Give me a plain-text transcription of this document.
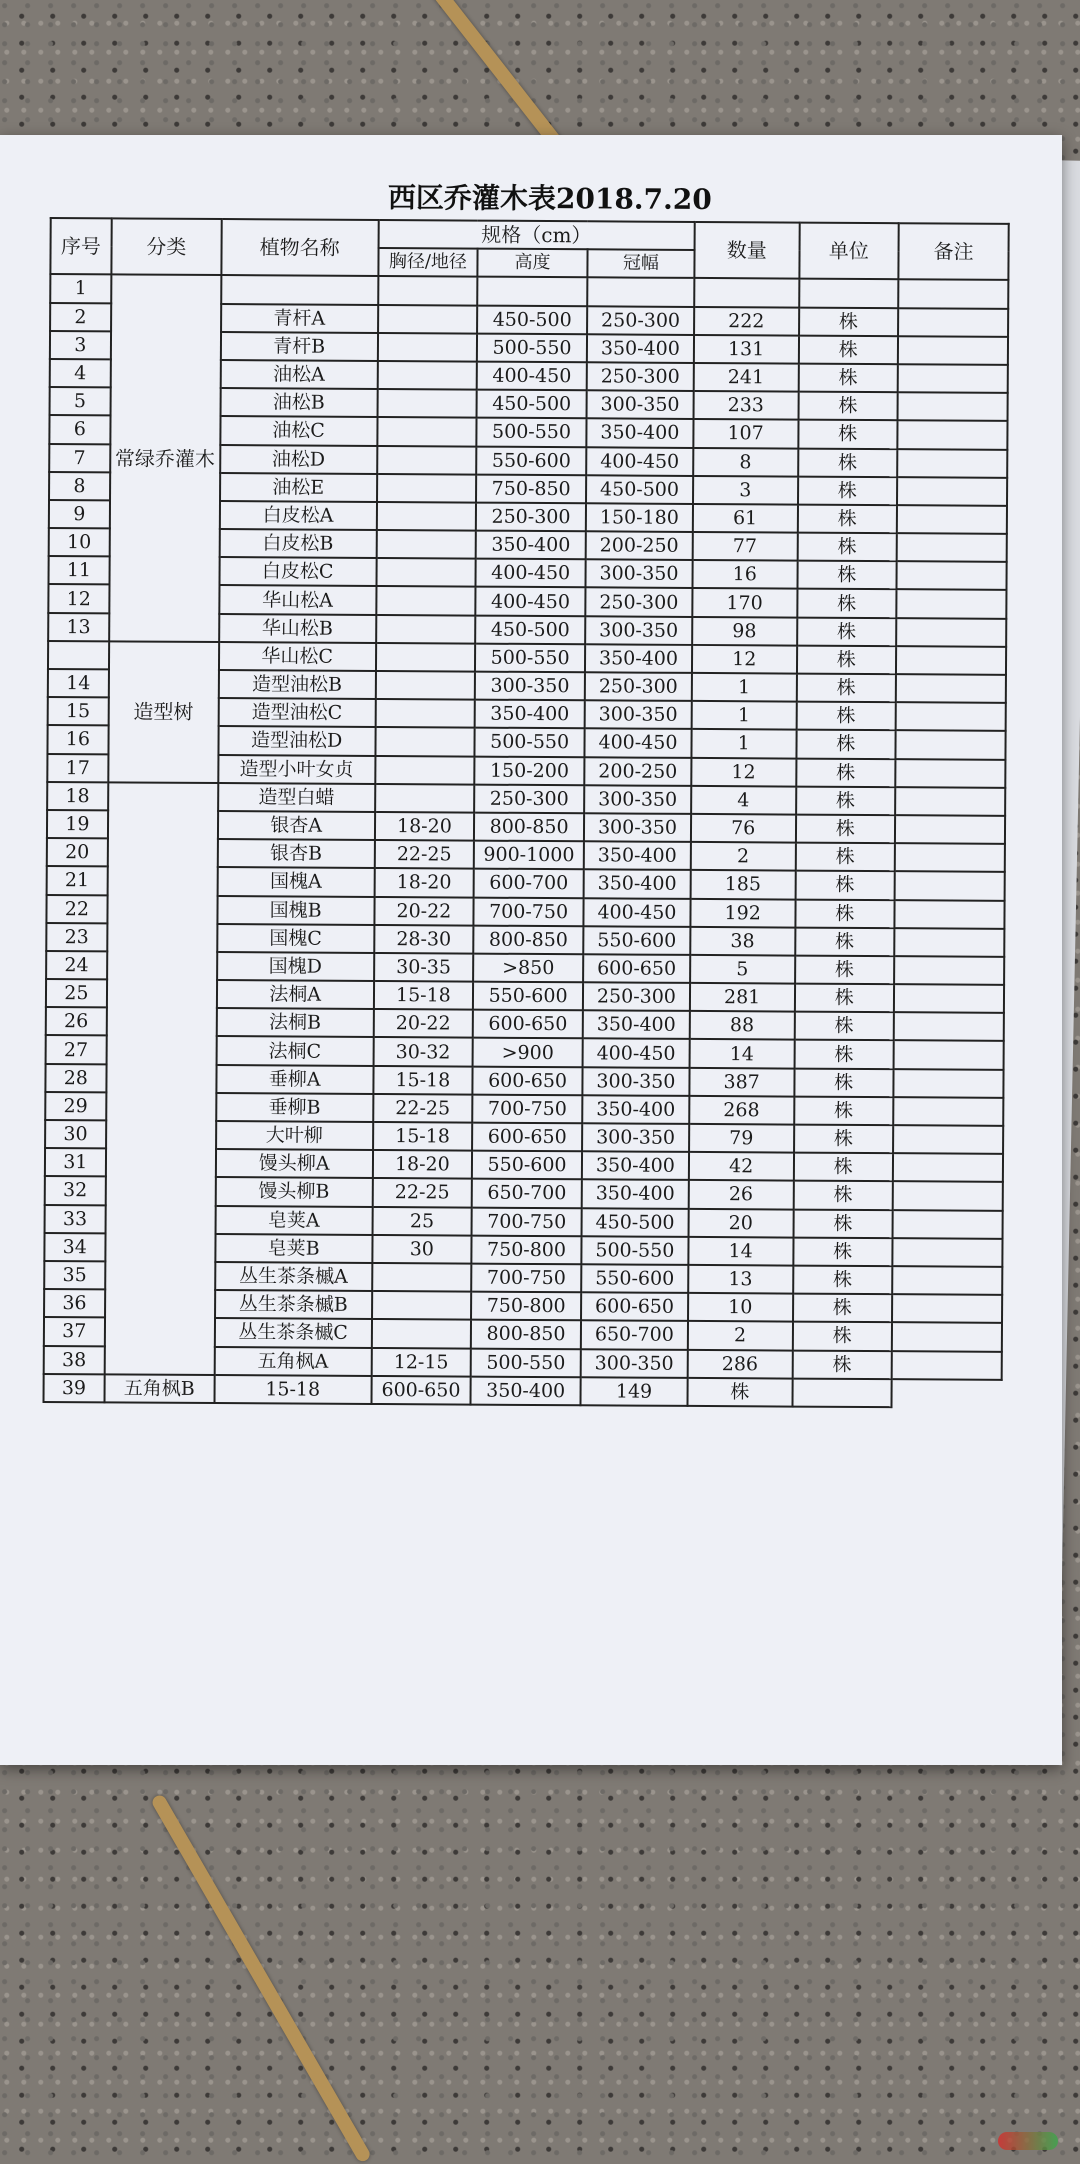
西区乔灌木表2018.7.20
序号	分类	植物名称	规格（cm）			数量	单位	备注
			胸径/地径	高度	冠幅			
1	常绿乔灌木							
2		青杆A		450-500	250-300	222	株	
3		青杆B		500-550	350-400	131	株	
4		油松A		400-450	250-300	241	株	
5		油松B		450-500	300-350	233	株	
6		油松C		500-550	350-400	107	株	
7		油松D		550-600	400-450	8	株	
8		油松E		750-850	450-500	3	株	
9		白皮松A		250-300	150-180	61	株	
10		白皮松B		350-400	200-250	77	株	
11		白皮松C		400-450	300-350	16	株	
12		华山松A		400-450	250-300	170	株	
13		华山松B		450-500	300-350	98	株	
	造型树	华山松C		500-550	350-400	12	株	
14		造型油松B		300-350	250-300	1	株	
15		造型油松C		350-400	300-350	1	株	
16		造型油松D		500-550	400-450	1	株	
17		造型小叶女贞		150-200	200-250	12	株	
18		造型白蜡		250-300	300-350	4	株	
19		银杏A	18-20	800-850	300-350	76	株	
20		银杏B	22-25	900-1000	350-400	2	株	
21		国槐A	18-20	600-700	350-400	185	株	
22		国槐B	20-22	700-750	400-450	192	株	
23		国槐C	28-30	800-850	550-600	38	株	
24		国槐D	30-35	>850	600-650	5	株	
25		法桐A	15-18	550-600	250-300	281	株	
26		法桐B	20-22	600-650	350-400	88	株	
27		法桐C	30-32	>900	400-450	14	株	
28		垂柳A	15-18	600-650	300-350	387	株	
29		垂柳B	22-25	700-750	350-400	268	株	
30		大叶柳	15-18	600-650	300-350	79	株	
31		馒头柳A	18-20	550-600	350-400	42	株	
32		馒头柳B	22-25	650-700	350-400	26	株	
33		皂荚A	25	700-750	450-500	20	株	
34		皂荚B	30	750-800	500-550	14	株	
35		丛生茶条槭A		700-750	550-600	13	株	
36		丛生茶条槭B		750-800	600-650	10	株	
37		丛生茶条槭C		800-850	650-700	2	株	
38		五角枫A	12-15	500-550	300-350	286	株	
39	五角枫B	15-18	600-650	350-400	149	株		
